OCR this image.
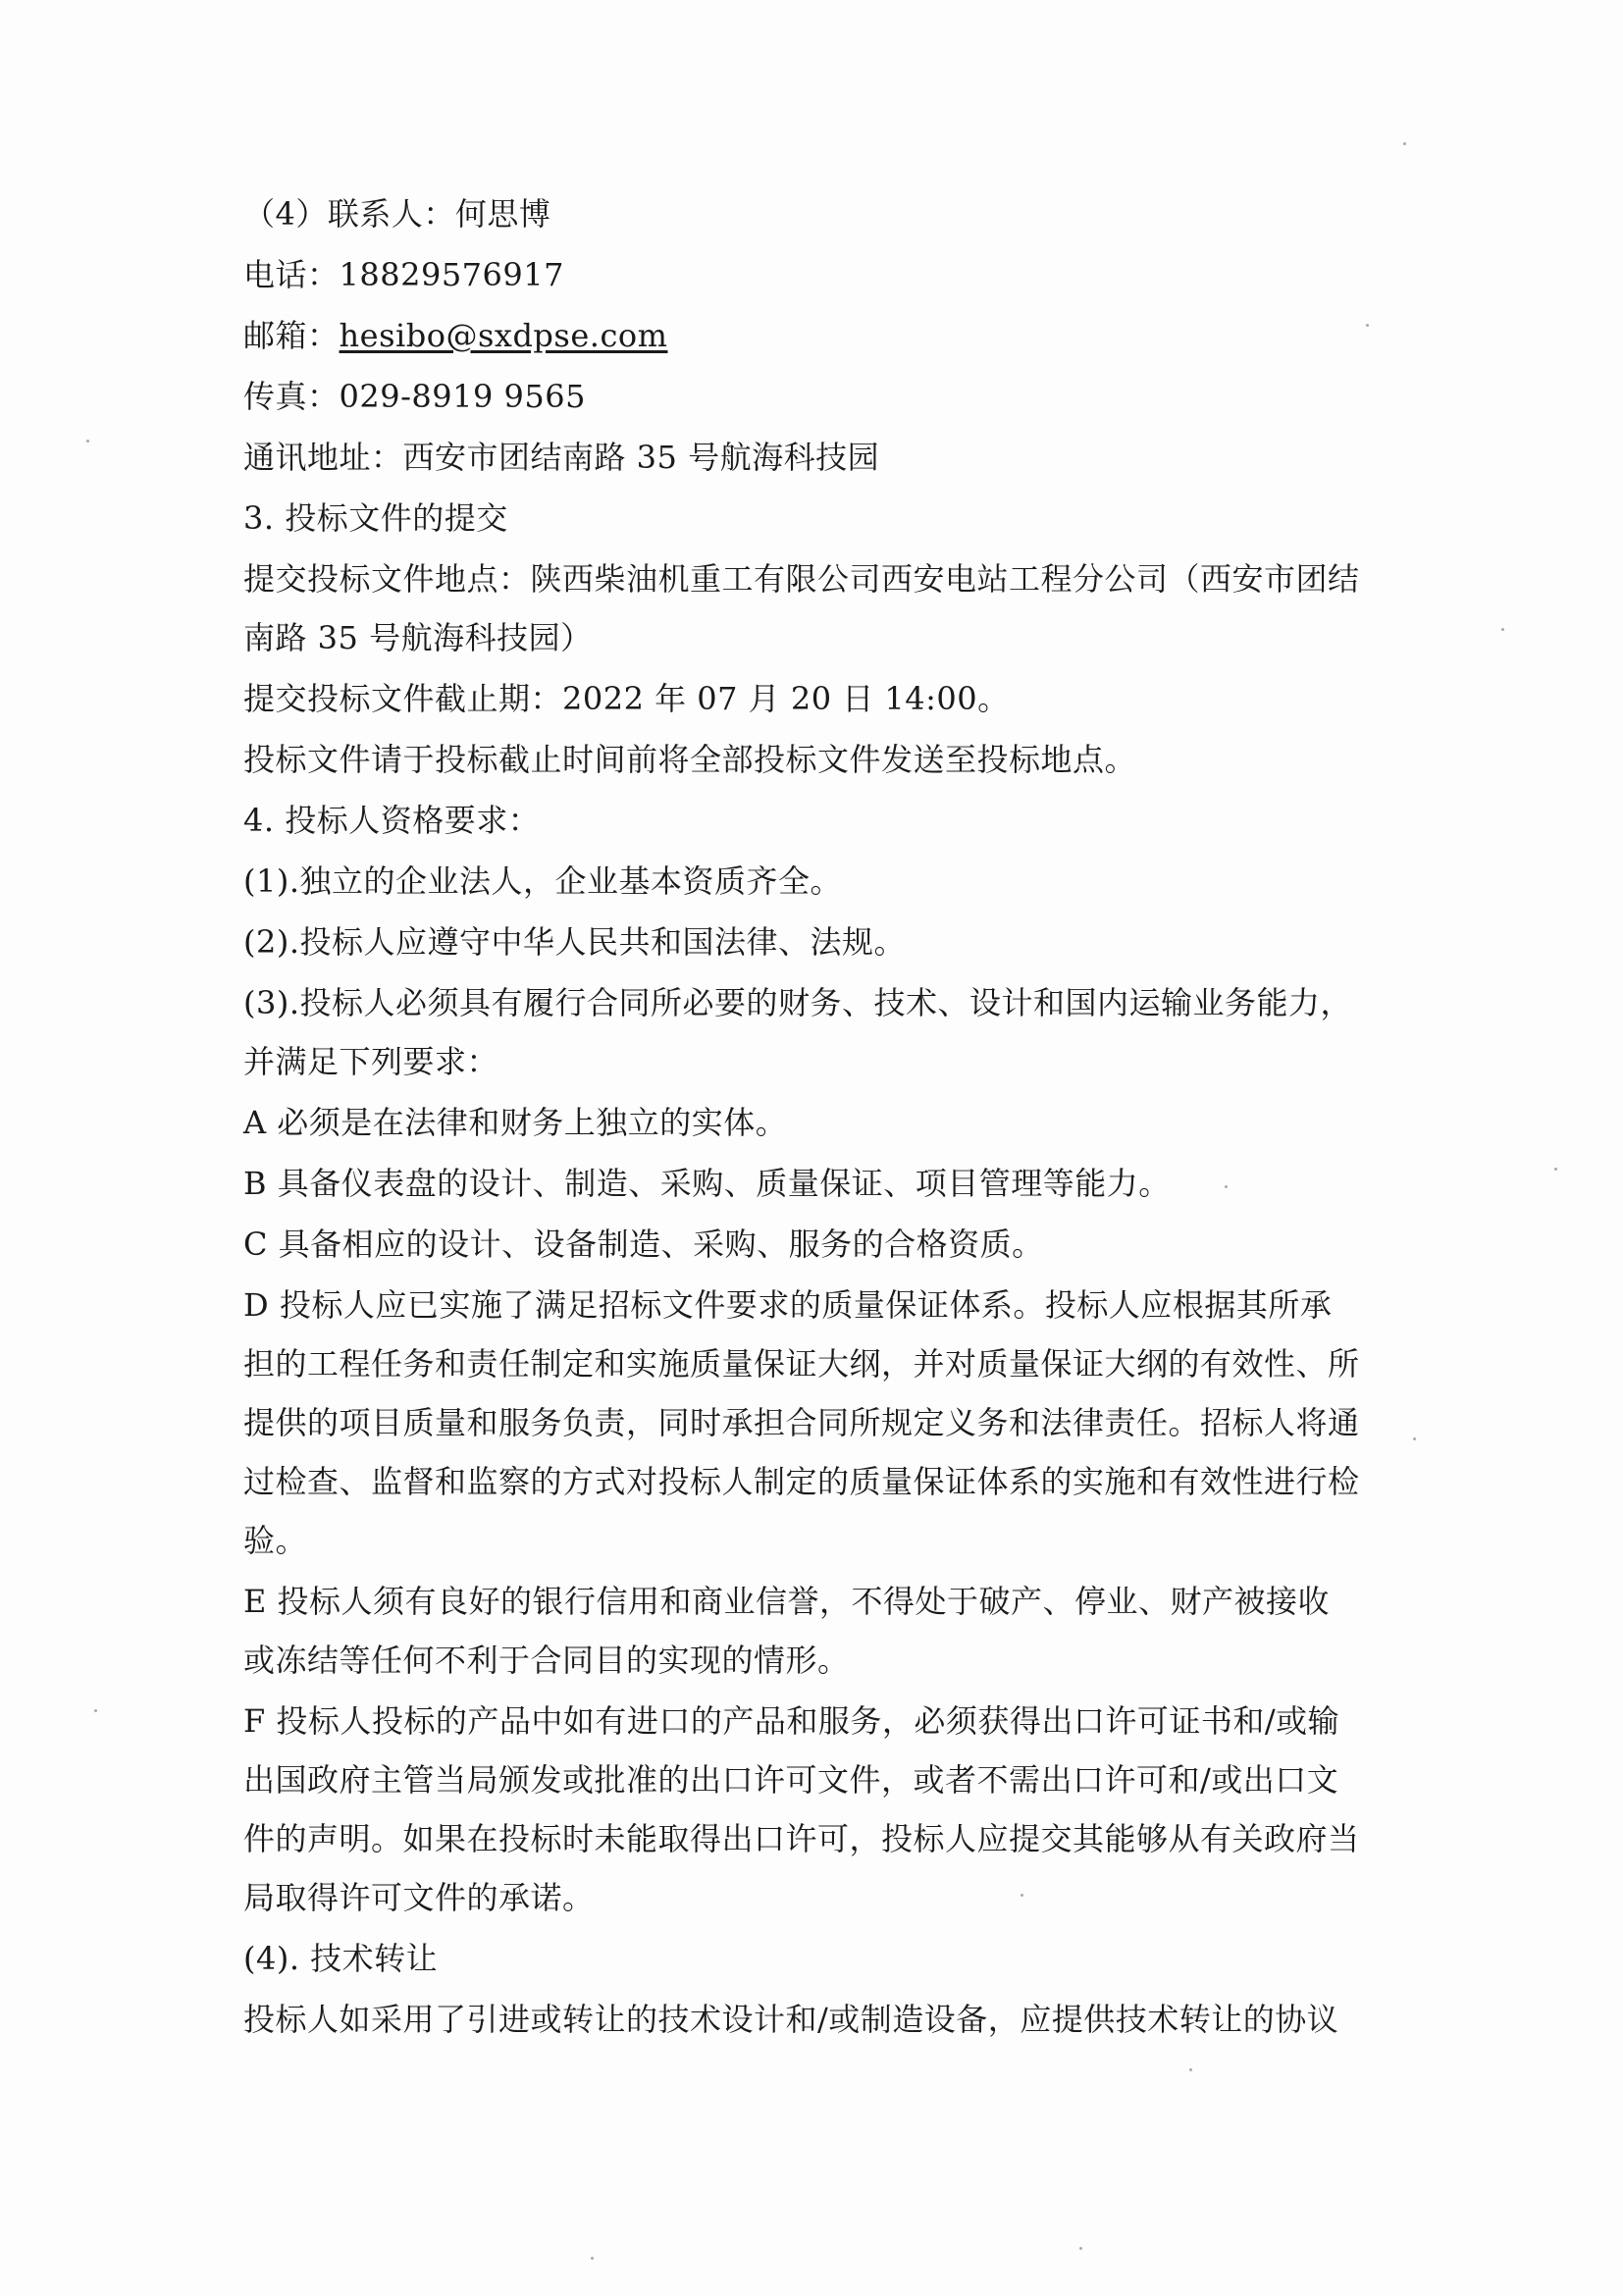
（4）联系人：何思博
电话：18829576917
邮箱：hesibo@sxdpse.com
传真：029-8919 9565
通讯地址：西安市团结南路 35 号航海科技园
3. 投标文件的提交
提交投标文件地点：陕西柴油机重工有限公司西安电站工程分公司（西安市团结
南路 35 号航海科技园）
提交投标文件截止期：2022 年 07 月 20 日 14:00。
投标文件请于投标截止时间前将全部投标文件发送至投标地点。
4. 投标人资格要求：
(1).独立的企业法人，企业基本资质齐全。
(2).投标人应遵守中华人民共和国法律、法规。
(3).投标人必须具有履行合同所必要的财务、技术、设计和国内运输业务能力，
并满足下列要求：
A 必须是在法律和财务上独立的实体。
B 具备仪表盘的设计、制造、采购、质量保证、项目管理等能力。
C 具备相应的设计、设备制造、采购、服务的合格资质。
D 投标人应已实施了满足招标文件要求的质量保证体系。投标人应根据其所承
担的工程任务和责任制定和实施质量保证大纲，并对质量保证大纲的有效性、所
提供的项目质量和服务负责，同时承担合同所规定义务和法律责任。招标人将通
过检查、监督和监察的方式对投标人制定的质量保证体系的实施和有效性进行检
验。
E 投标人须有良好的银行信用和商业信誉，不得处于破产、停业、财产被接收
或冻结等任何不利于合同目的实现的情形。
F 投标人投标的产品中如有进口的产品和服务，必须获得出口许可证书和/或输
出国政府主管当局颁发或批准的出口许可文件，或者不需出口许可和/或出口文
件的声明。如果在投标时未能取得出口许可，投标人应提交其能够从有关政府当
局取得许可文件的承诺。
(4). 技术转让
投标人如采用了引进或转让的技术设计和/或制造设备，应提供技术转让的协议
